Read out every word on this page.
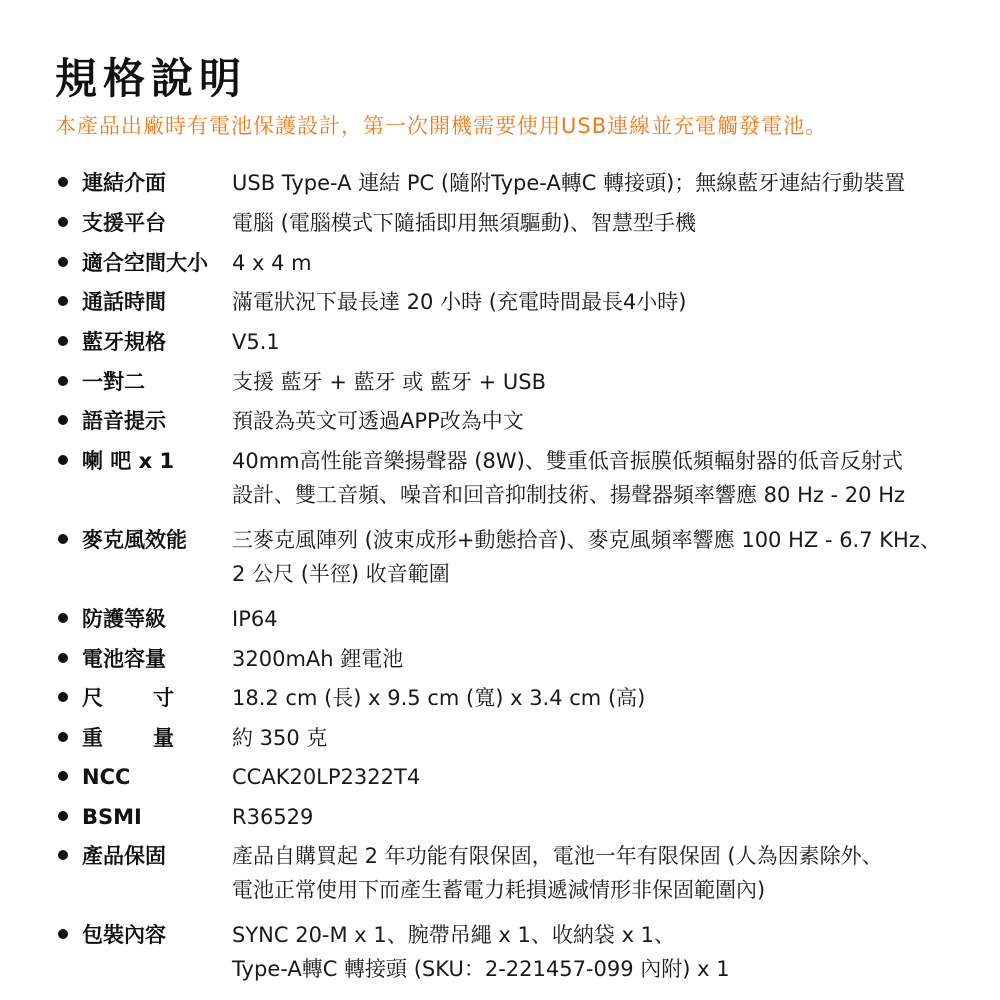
規格說明

本產品出廠時有電池保護設計，第一次開機需要使用USB連線並充電觸發電池。

連結介面	USB Type-A 連結 PC (隨附Type-A轉C 轉接頭)；無線藍牙連結行動裝置
支援平台	電腦 (電腦模式下隨插即用無須驅動)、智慧型手機
適合空間大小 4 x 4 m
通話時間	滿電狀況下最長達 20 小時 (充電時間最長4小時)
藍牙規格	V5.1
一對二	支援 藍牙 + 藍牙 或 藍牙 + USB
語音提示	預設為英文可透過APP改為中文
喇 吧 x 1	40mm高性能音樂揚聲器 (8W)、雙重低音振膜低頻輻射器的低音反射式
設計、雙工音頻、噪音和回音抑制技術、揚聲器頻率響應 80 Hz - 20 Hz
麥克風效能 三麥克風陣列 (波束成形+動態拾音)、麥克風頻率響應 100 HZ - 6.7 KHz、
2 公尺 (半徑) 收音範圍
防護等級	IP64
電池容量	3200mAh 鋰電池
尺 寸	18.2 cm (長) x 9.5 cm (寬) x 3.4 cm (高)
重 量	約 350 克
NCC	CCAK20LP2322T4
BSMI	R36529
產品保固	產品自購買起 2 年功能有限保固，電池一年有限保固 (人為因素除外、
電池正常使用下而產生蓄電力耗損遞減情形非保固範圍內)
包裝內容	SYNC 20-M x 1、腕帶吊繩 x 1、收納袋 x 1、
Type-A轉C 轉接頭 (SKU：2-221457-099 內附) x 1
